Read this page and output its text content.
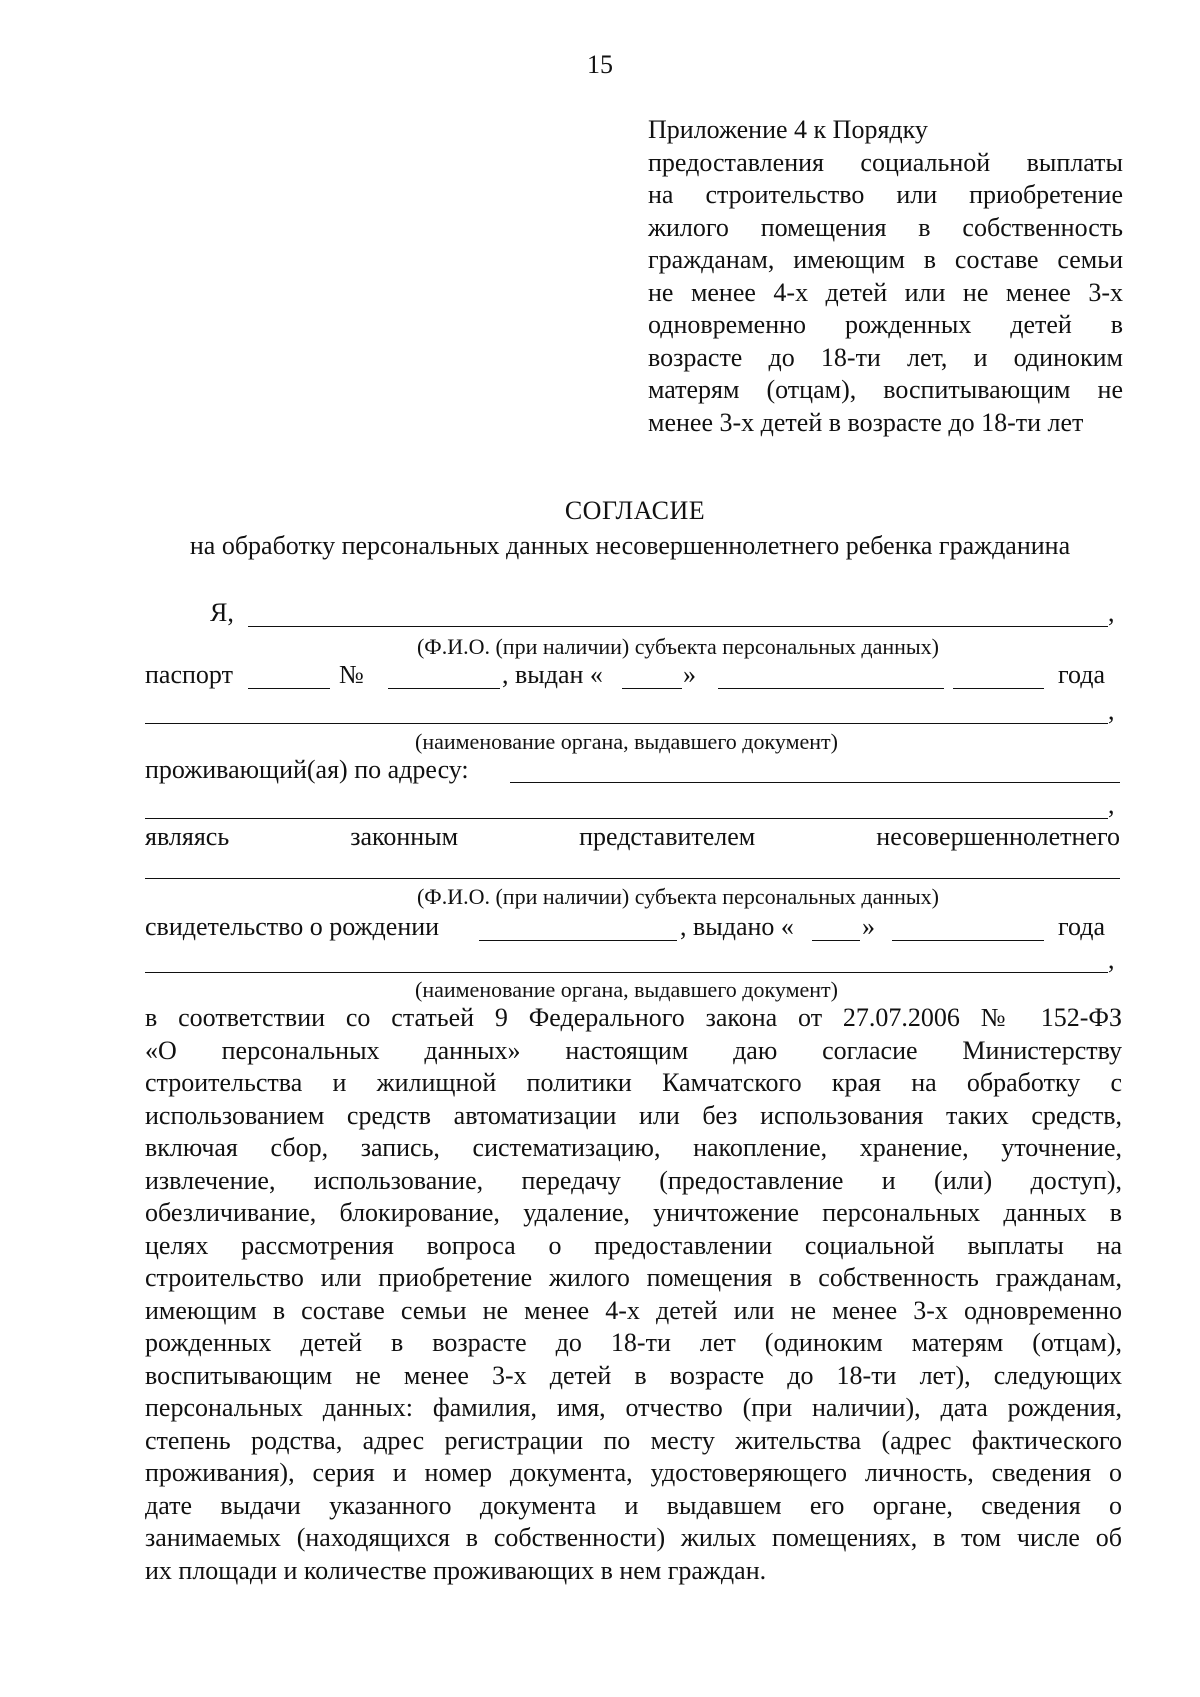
15
Приложение 4 к Порядку
предоставления социальной выплаты
на строительство или приобретение
жилого помещения в собственность
гражданам, имеющим в составе семьи
не менее 4-х детей или не менее 3-х
одновременно рожденных детей в
возрасте до 18-ти лет, и одиноким
матерям (отцам), воспитывающим не
менее 3-х детей в возрасте до 18-ти лет
СОГЛАСИЕ
на обработку персональных данных несовершеннолетнего ребенка гражданина
Я,	,
(Ф.И.О. (при наличии) субъекта персональных данных)
паспорт	№	, выдан «	»	года
,
(наименование органа, выдавшего документ)
проживающий(ая) по адресу:
,
являясь	законным	представителем	несовершеннолетнего
(Ф.И.О. (при наличии) субъекта персональных данных)
свидетельство о рождении	, выдано «	»	года
,
(наименование органа, выдавшего документ)
в соответствии со статьей 9 Федерального закона от 27.07.2006 № 152-ФЗ
«О персональных данных» настоящим даю согласие Министерству
строительства и жилищной политики Камчатского края на обработку с
использованием средств автоматизации или без использования таких средств,
включая сбор, запись, систематизацию, накопление, хранение, уточнение,
извлечение, использование, передачу (предоставление и (или) доступ),
обезличивание, блокирование, удаление, уничтожение персональных данных в
целях рассмотрения вопроса о предоставлении социальной выплаты на
строительство или приобретение жилого помещения в собственность гражданам,
имеющим в составе семьи не менее 4-х детей или не менее 3-х одновременно
рожденных детей в возрасте до 18-ти лет (одиноким матерям (отцам),
воспитывающим не менее 3-х детей в возрасте до 18-ти лет), следующих
персональных данных: фамилия, имя, отчество (при наличии), дата рождения,
степень родства, адрес регистрации по месту жительства (адрес фактического
проживания), серия и номер документа, удостоверяющего личность, сведения о
дате выдачи указанного документа и выдавшем его органе, сведения о
занимаемых (находящихся в собственности) жилых помещениях, в том числе об
их площади и количестве проживающих в нем граждан.
